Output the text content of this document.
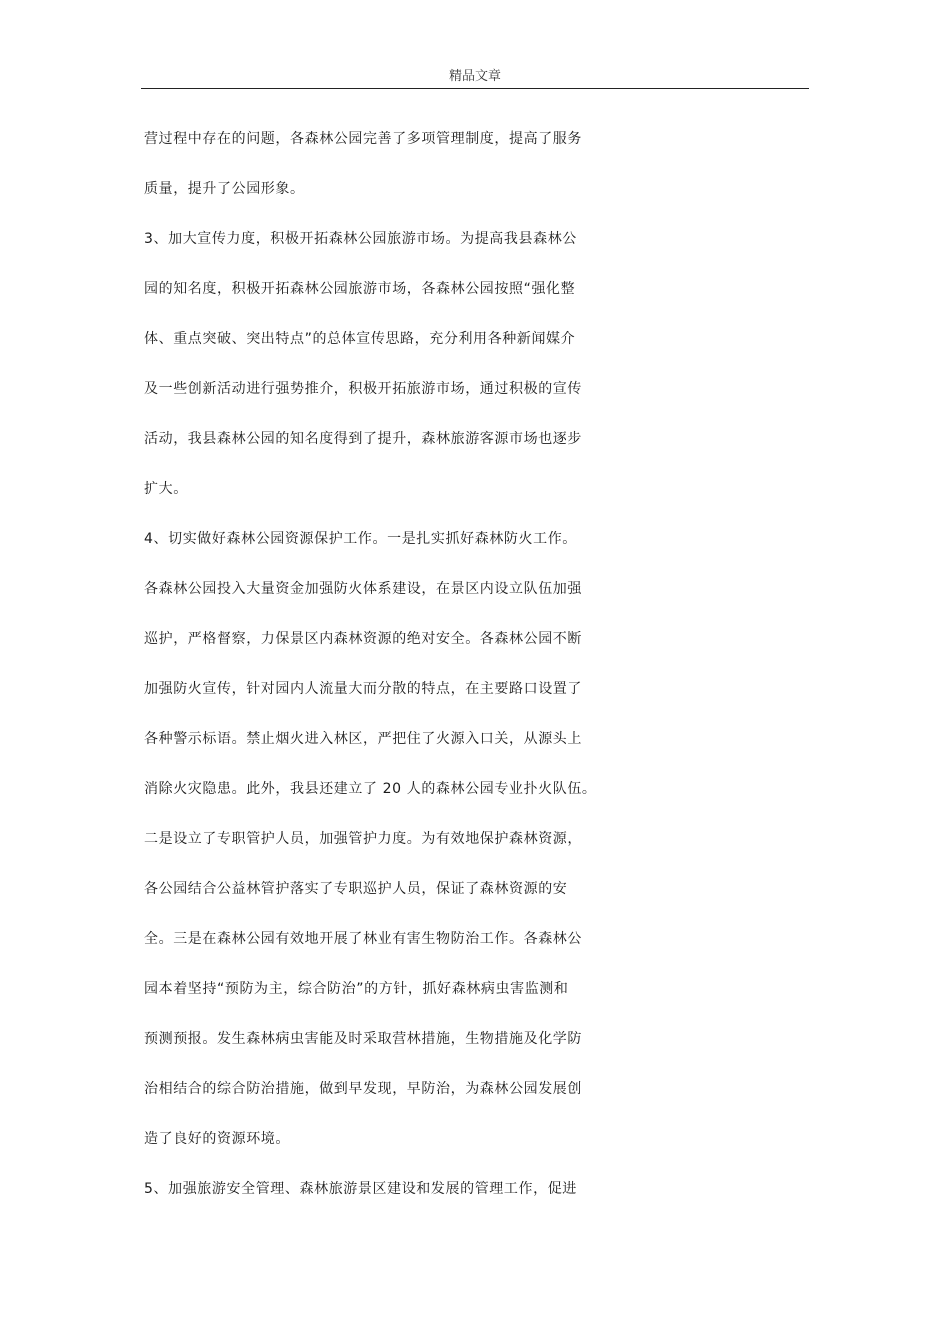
精品文章
营过程中存在的问题，各森林公园完善了多项管理制度，提高了服务
质量，提升了公园形象。
3、加大宣传力度，积极开拓森林公园旅游市场。为提高我县森林公
园的知名度，积极开拓森林公园旅游市场，各森林公园按照“强化整
体、重点突破、突出特点”的总体宣传思路，充分利用各种新闻媒介
及一些创新活动进行强势推介，积极开拓旅游市场，通过积极的宣传
活动，我县森林公园的知名度得到了提升，森林旅游客源市场也逐步
扩大。
4、切实做好森林公园资源保护工作。一是扎实抓好森林防火工作。
各森林公园投入大量资金加强防火体系建设，在景区内设立队伍加强
巡护，严格督察，力保景区内森林资源的绝对安全。各森林公园不断
加强防火宣传，针对园内人流量大而分散的特点，在主要路口设置了
各种警示标语。禁止烟火进入林区，严把住了火源入口关，从源头上
消除火灾隐患。此外，我县还建立了 20 人的森林公园专业扑火队伍。
二是设立了专职管护人员，加强管护力度。为有效地保护森林资源，
各公园结合公益林管护落实了专职巡护人员，保证了森林资源的安
全。三是在森林公园有效地开展了林业有害生物防治工作。各森林公
园本着坚持“预防为主，综合防治”的方针，抓好森林病虫害监测和
预测预报。发生森林病虫害能及时采取营林措施，生物措施及化学防
治相结合的综合防治措施，做到早发现，早防治，为森林公园发展创
造了良好的资源环境。
5、加强旅游安全管理、森林旅游景区建设和发展的管理工作，促进
